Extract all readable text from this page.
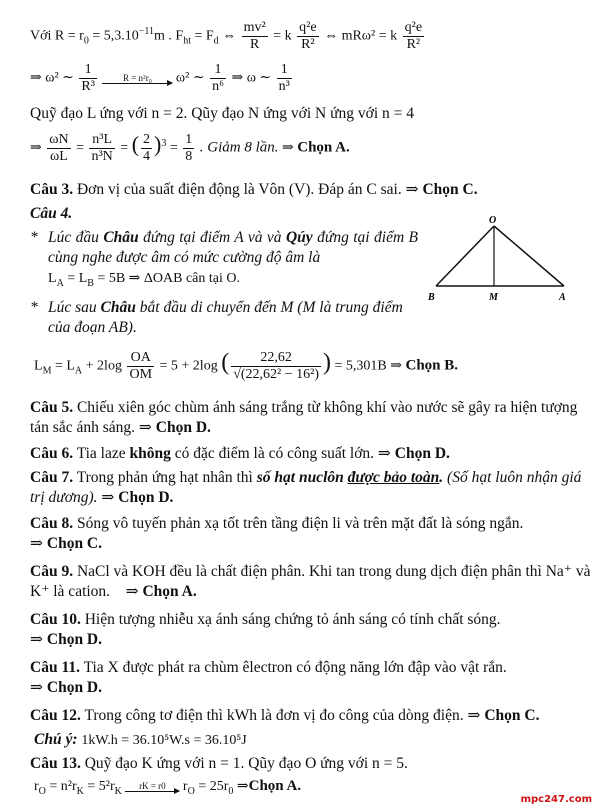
Với $R = r_0 = 5,3.10^{-11}m$ . $F_{ht} = F_d$ ⇔ $\frac{\text{mv²}}{R} = k \frac{\text{q²e}}{\text{R²}}$ ⇔ mRω² = k $\frac{\text{q²e}}{\text{R²}}$
⇒ ω² ∼ $\frac{1}{\text{R³}}$
	R = n²r₀	ω² ∼ $\frac{1}{\text{n⁶}}$ ⇒ ω ∼ $\frac{1}{\text{n³}}$
Quỹ đạo L ứng với n = 2. Qũy đạo N ứng với N ứng với n = 4
⇒ $\frac{\omega N}{\omega L} = \frac{\text{n³L}}{\text{n³N}}$ = ( $\frac{2}{4} )^3 = \frac{1}{8}$ . Giảm 8 lần. ⇒ Chọn A.
Câu 3. Đơn vị của suất điện động là Vôn (V). Đáp án C sai. ⇒ Chọn C.
Câu 4.
* Lúc đầu Châu đứng tại điểm A và và Qúy đứng tại điểm B cùng nghe được âm có mức cường độ âm là
$L_A = L_B = 5B$ ⇒ ΔOAB cân tại O.
* Lúc sau Châu bắt đầu di chuyển đến M (M là trung điểm của đoạn AB).
$L_M = L_A + 2\log \frac{OA}{OM} = 5 + 2\log$ ( $\frac{22,62}{\text{√(22,62² − 16²)}}$ ) = 5,301B ⇒ Chọn B.
O
B	M	A
Câu 5. Chiếu xiên góc chùm ánh sáng trắng từ không khí vào nước sẽ gây ra hiện tượng tán sắc ánh sáng. ⇒ Chọn D.
Câu 6. Tia laze không có đặc điểm là có công suất lớn. ⇒ Chọn D.
Câu 7. Trong phản ứng hạt nhân thì số hạt nuclôn được bảo toàn. (Số hạt luôn nhận giá trị dương). ⇒ Chọn D.
Câu 8. Sóng vô tuyến phản xạ tốt trên tầng điện li và trên mặt đất là sóng ngắn.
⇒ Chọn C.
Câu 9. NaCl và KOH đều là chất điện phân. Khi tan trong dung dịch điện phân thì Na⁺ và K⁺ là cation. ⇒ Chọn A.
Câu 10. Hiện tượng nhiễu xạ ánh sáng chứng tỏ ánh sáng có tính chất sóng.
⇒ Chọn D.
Câu 11. Tia X được phát ra chùm êlectron có động năng lớn đập vào vật rắn.
⇒ Chọn D.
Câu 12. Trong công tơ điện thì kWh là đơn vị đo công của dòng điện. ⇒ Chọn C.
Chú ý: 1kW.h = 36.10⁵W.s = 36.10⁵J
Câu 13. Quỹ đạo K ứng với n = 1. Qũy đạo O ứng với n = 5.
$r_O = n^2r_K = 5^2r_K$	rK = r0	$r_O = 25r_0$ ⇒Chọn A.
mpc247.com
